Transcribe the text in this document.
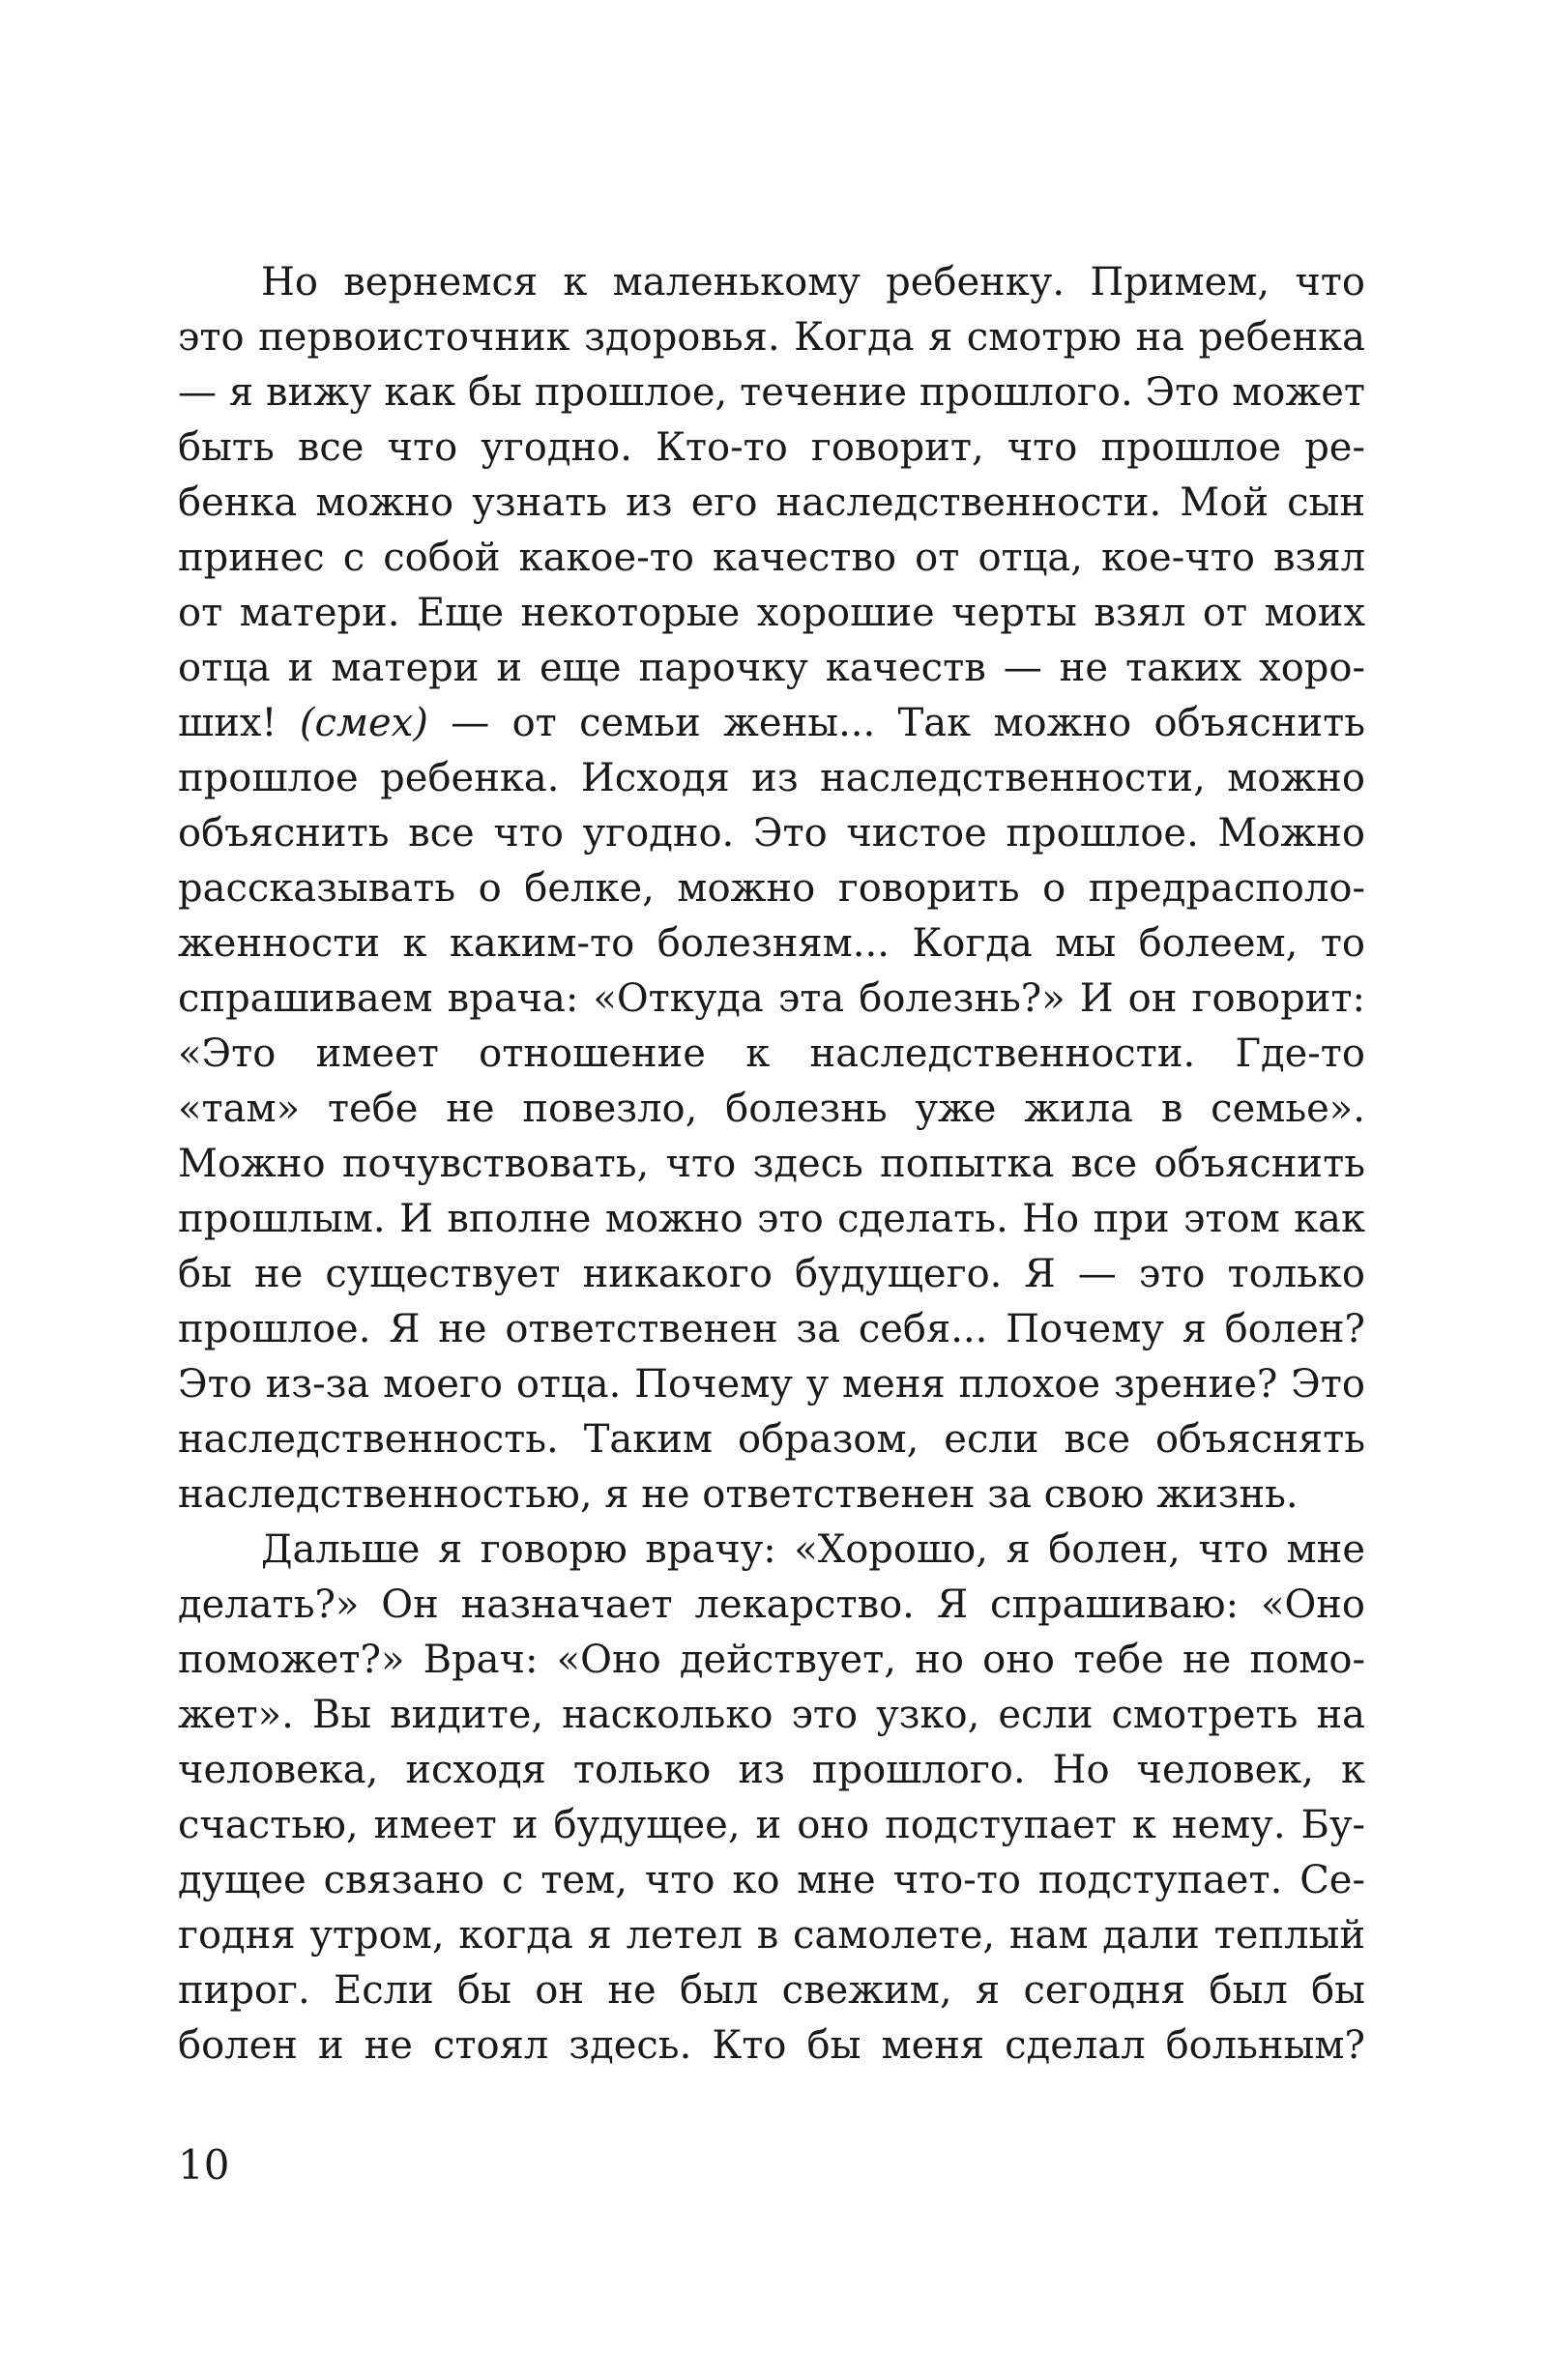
Но вернемся к маленькому ребенку. Примем, что
это первоисточник здоровья. Когда я смотрю на ребенка
— я вижу как бы прошлое, течение прошлого. Это может
быть все что угодно. Кто-то говорит, что прошлое ре-
бенка можно узнать из его наследственности. Мой сын
принес с собой какое-то качество от отца, кое-что взял
от матери. Еще некоторые хорошие черты взял от моих
отца и матери и еще парочку качеств — не таких хоро-
ших! (смех) — от семьи жены... Так можно объяснить
прошлое ребенка. Исходя из наследственности, можно
объяснить все что угодно. Это чистое прошлое. Можно
рассказывать о белке, можно говорить о предрасполо-
женности к каким-то болезням... Когда мы болеем, то
спрашиваем врача: «Откуда эта болезнь?» И он говорит:
«Это имеет отношение к наследственности. Где-то
«там» тебе не повезло, болезнь уже жила в семье».
Можно почувствовать, что здесь попытка все объяснить
прошлым. И вполне можно это сделать. Но при этом как
бы не существует никакого будущего. Я — это только
прошлое. Я не ответственен за себя... Почему я болен?
Это из-за моего отца. Почему у меня плохое зрение? Это
наследственность. Таким образом, если все объяснять
наследственностью, я не ответственен за свою жизнь.
Дальше я говорю врачу: «Хорошо, я болен, что мне
делать?» Он назначает лекарство. Я спрашиваю: «Оно
поможет?» Врач: «Оно действует, но оно тебе не помо-
жет». Вы видите, насколько это узко, если смотреть на
человека, исходя только из прошлого. Но человек, к
счастью, имеет и будущее, и оно подступает к нему. Бу-
дущее связано с тем, что ко мне что-то подступает. Се-
годня утром, когда я летел в самолете, нам дали теплый
пирог. Если бы он не был свежим, я сегодня был бы
болен и не стоял здесь. Кто бы меня сделал больным?
10
